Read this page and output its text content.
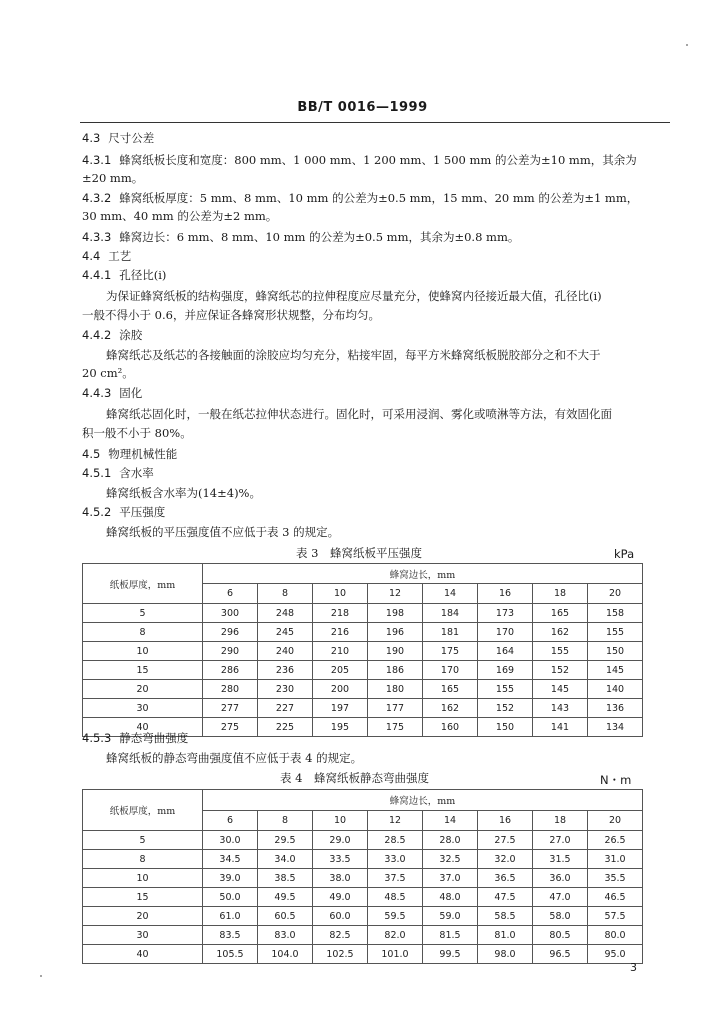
BB/T 0016—1999
4.3 尺寸公差
4.3.1 蜂窝纸板长度和宽度：800 mm、1 000 mm、1 200 mm、1 500 mm 的公差为±10 mm，其余为
±20 mm。
4.3.2 蜂窝纸板厚度：5 mm、8 mm、10 mm 的公差为±0.5 mm，15 mm、20 mm 的公差为±1 mm，
30 mm、40 mm 的公差为±2 mm。
4.3.3 蜂窝边长：6 mm、8 mm、10 mm 的公差为±0.5 mm，其余为±0.8 mm。
4.4 工艺
4.4.1 孔径比(i)
为保证蜂窝纸板的结构强度，蜂窝纸芯的拉伸程度应尽量充分，使蜂窝内径接近最大值，孔径比(i)
一般不得小于 0.6，并应保证各蜂窝形状规整，分布均匀。
4.4.2 涂胶
蜂窝纸芯及纸芯的各接触面的涂胶应均匀充分，粘接牢固，每平方米蜂窝纸板脱胶部分之和不大于
20 cm²。
4.4.3 固化
蜂窝纸芯固化时，一般在纸芯拉伸状态进行。固化时，可采用浸润、雾化或喷淋等方法，有效固化面
积一般不小于 80%。
4.5 物理机械性能
4.5.1 含水率
蜂窝纸板含水率为(14±4)%。
4.5.2 平压强度
蜂窝纸板的平压强度值不应低于表 3 的规定。
表 3　蜂窝纸板平压强度	kPa
纸板厚度，mm	蜂窝边长，mm							
	6	8	10	12	14	16	18	20
5	300	248	218	198	184	173	165	158
8	296	245	216	196	181	170	162	155
10	290	240	210	190	175	164	155	150
15	286	236	205	186	170	169	152	145
20	280	230	200	180	165	155	145	140
30	277	227	197	177	162	152	143	136
40	275	225	195	175	160	150	141	134
4.5.3 静态弯曲强度
蜂窝纸板的静态弯曲强度值不应低于表 4 的规定。
表 4　蜂窝纸板静态弯曲强度	N・m
纸板厚度，mm	蜂窝边长，mm							
	6	8	10	12	14	16	18	20
5	30.0	29.5	29.0	28.5	28.0	27.5	27.0	26.5
8	34.5	34.0	33.5	33.0	32.5	32.0	31.5	31.0
10	39.0	38.5	38.0	37.5	37.0	36.5	36.0	35.5
15	50.0	49.5	49.0	48.5	48.0	47.5	47.0	46.5
20	61.0	60.5	60.0	59.5	59.0	58.5	58.0	57.5
30	83.5	83.0	82.5	82.0	81.5	81.0	80.5	80.0
40	105.5	104.0	102.5	101.0	99.5	98.0	96.5	95.0
3
